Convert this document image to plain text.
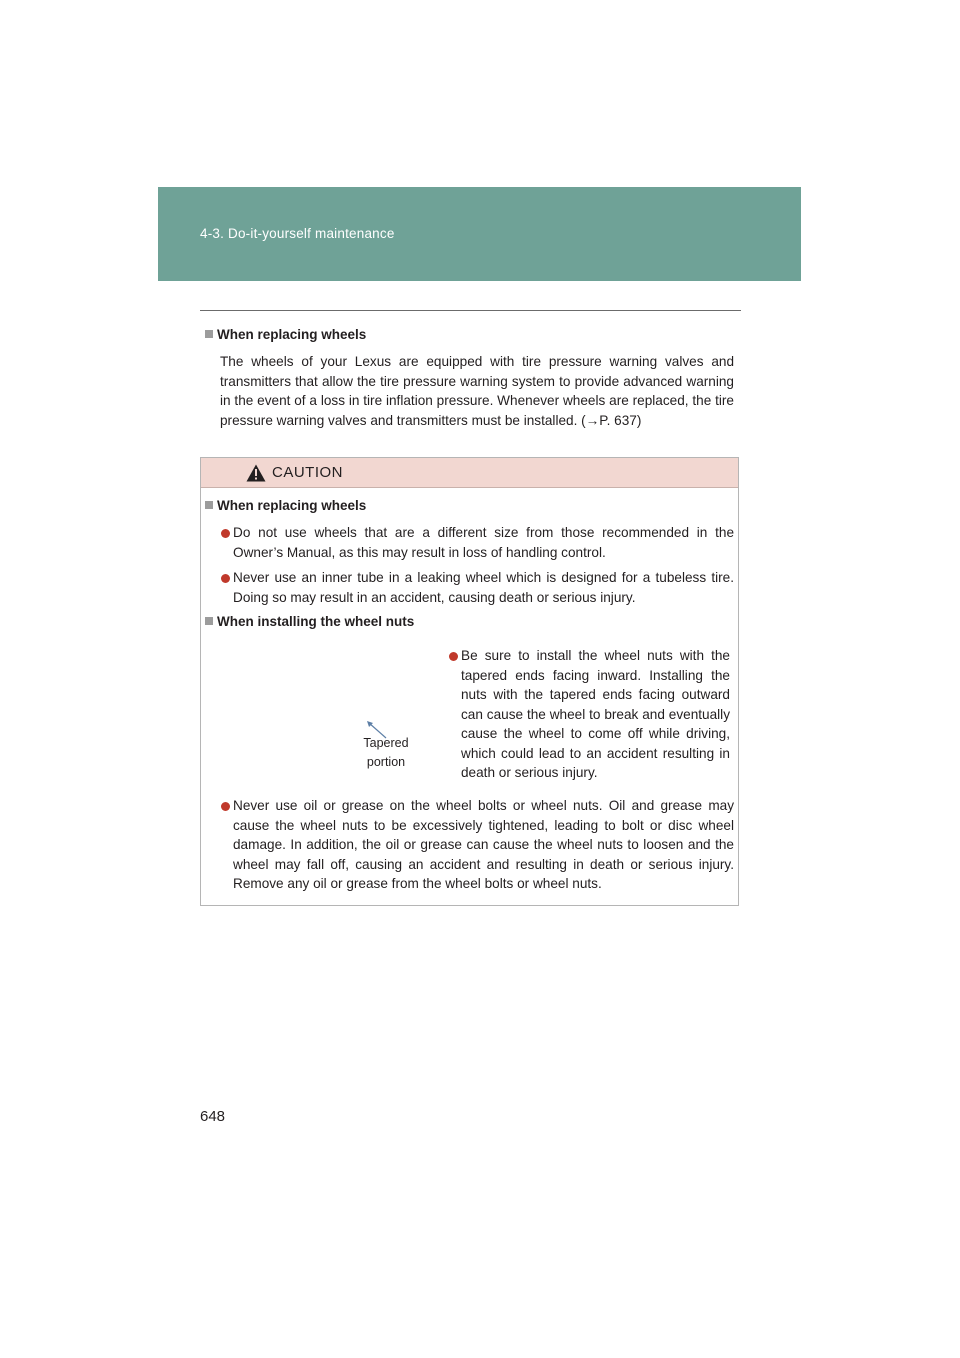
4-3. Do-it-yourself maintenance
When replacing wheels
The wheels of your Lexus are equipped with tire pressure warning valves and transmitters that allow the tire pressure warning system to provide advanced warning in the event of a loss in tire inflation pressure. Whenever wheels are replaced, the tire pressure warning valves and transmitters must be installed. (→P. 637)
CAUTION
When replacing wheels
Do not use wheels that are a different size from those recommended in the Owner’s Manual, as this may result in loss of handling control.
Never use an inner tube in a leaking wheel which is designed for a tubeless tire. Doing so may result in an accident, causing death or serious injury.
When installing the wheel nuts
Tapered portion
Be sure to install the wheel nuts with the tapered ends facing inward. Installing the nuts with the tapered ends facing outward can cause the wheel to break and eventually cause the wheel to come off while driving, which could lead to an accident resulting in death or serious injury.
Never use oil or grease on the wheel bolts or wheel nuts. Oil and grease may cause the wheel nuts to be excessively tightened, leading to bolt or disc wheel damage. In addition, the oil or grease can cause the wheel nuts to loosen and the wheel may fall off, causing an accident and resulting in death or serious injury. Remove any oil or grease from the wheel bolts or wheel nuts.
648
